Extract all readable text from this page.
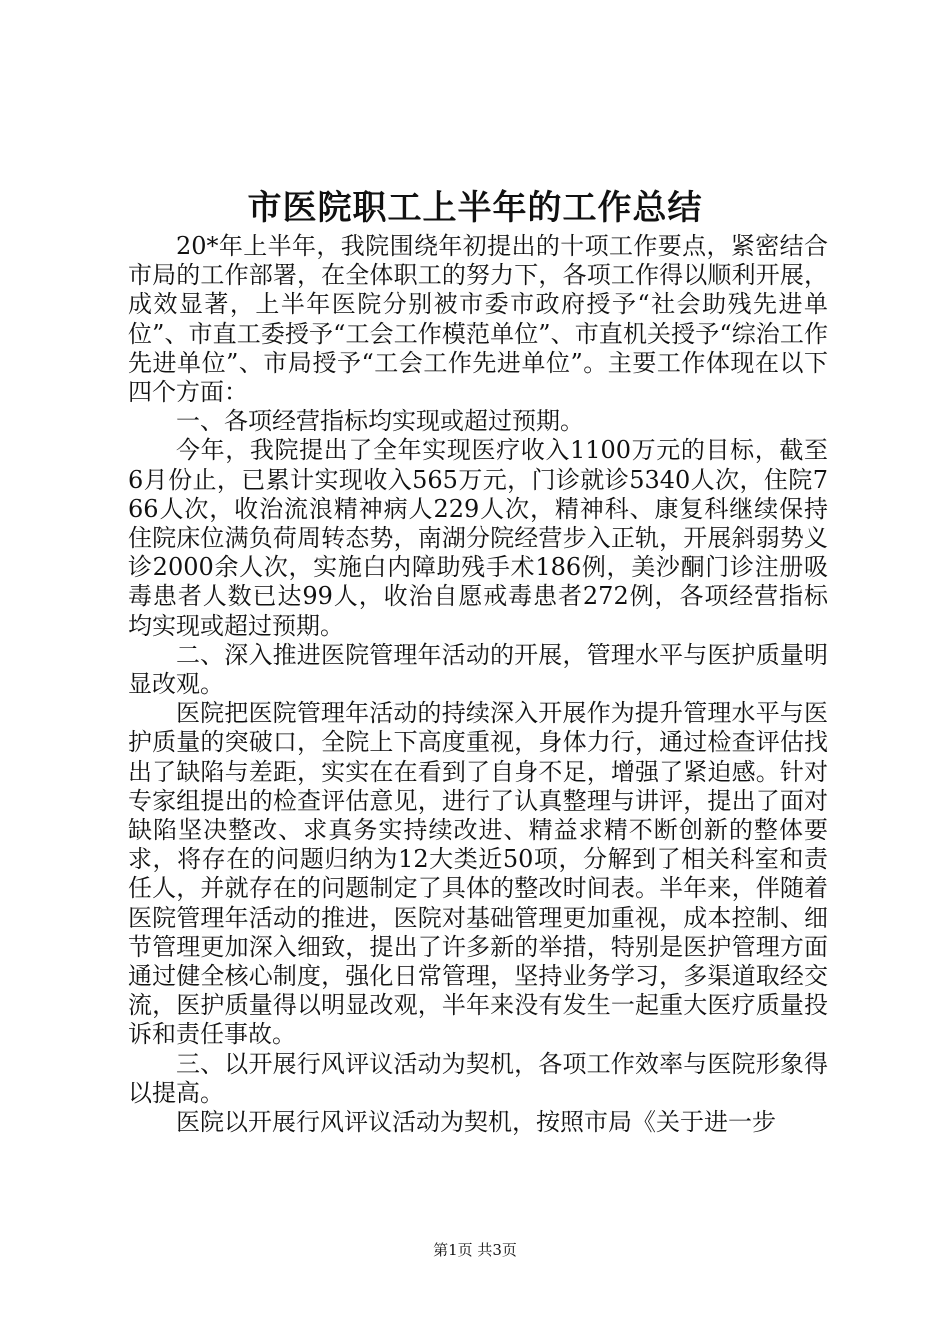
市医院职工上半年的工作总结

20*年上半年，我院围绕年初提出的十项工作要点，紧密结合市局的工作部署，在全体职工的努力下，各项工作得以顺利开展，成效显著，上半年医院分别被市委市政府授予“社会助残先进单位”、市直工委授予“工会工作模范单位”、市直机关授予“综治工作先进单位”、市局授予“工会工作先进单位”。主要工作体现在以下四个方面：

一、各项经营指标均实现或超过预期。

今年，我院提出了全年实现医疗收入1100万元的目标，截至6月份止，已累计实现收入565万元，门诊就诊5340人次，住院766人次，收治流浪精神病人229人次，精神科、康复科继续保持住院床位满负荷周转态势，南湖分院经营步入正轨，开展斜弱势义诊2000余人次，实施白内障助残手术186例，美沙酮门诊注册吸毒患者人数已达99人，收治自愿戒毒患者272例，各项经营指标均实现或超过预期。

二、深入推进医院管理年活动的开展，管理水平与医护质量明显改观。

医院把医院管理年活动的持续深入开展作为提升管理水平与医护质量的突破口，全院上下高度重视，身体力行，通过检查评估找出了缺陷与差距，实实在在看到了自身不足，增强了紧迫感。针对专家组提出的检查评估意见，进行了认真整理与讲评，提出了面对缺陷坚决整改、求真务实持续改进、精益求精不断创新的整体要求，将存在的问题归纳为12大类近50项，分解到了相关科室和责任人，并就存在的问题制定了具体的整改时间表。半年来，伴随着医院管理年活动的推进，医院对基础管理更加重视，成本控制、细节管理更加深入细致，提出了许多新的举措，特别是医护管理方面通过健全核心制度，强化日常管理，坚持业务学习，多渠道取经交流，医护质量得以明显改观，半年来没有发生一起重大医疗质量投诉和责任事故。

三、以开展行风评议活动为契机，各项工作效率与医院形象得以提高。

医院以开展行风评议活动为契机，按照市局《关于进一步

第1页 共3页
